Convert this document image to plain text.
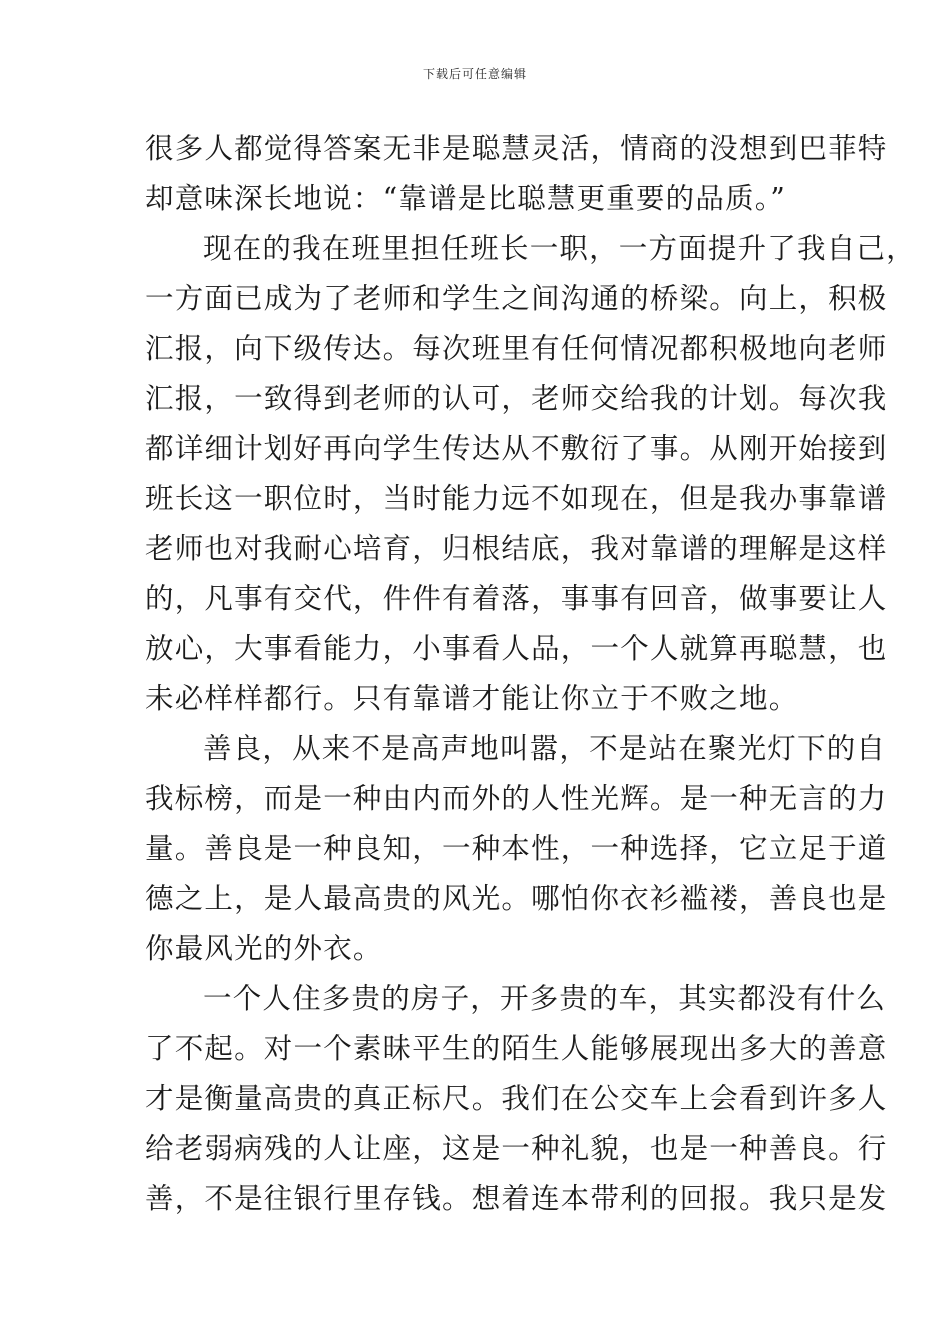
下载后可任意编辑
很多人都觉得答案无非是聪慧灵活，情商的没想到巴菲特
却意味深长地说：“靠谱是比聪慧更重要的品质。”
现在的我在班里担任班长一职，一方面提升了我自己，
一方面已成为了老师和学生之间沟通的桥梁。向上，积极
汇报，向下级传达。每次班里有任何情况都积极地向老师
汇报，一致得到老师的认可，老师交给我的计划。每次我
都详细计划好再向学生传达从不敷衍了事。从刚开始接到
班长这一职位时，当时能力远不如现在，但是我办事靠谱
老师也对我耐心培育，归根结底，我对靠谱的理解是这样
的，凡事有交代，件件有着落，事事有回音，做事要让人
放心，大事看能力，小事看人品，一个人就算再聪慧，也
未必样样都行。只有靠谱才能让你立于不败之地。
善良，从来不是高声地叫嚣，不是站在聚光灯下的自
我标榜，而是一种由内而外的人性光辉。是一种无言的力
量。善良是一种良知，一种本性，一种选择，它立足于道
德之上，是人最高贵的风光。哪怕你衣衫褴褛，善良也是
你最风光的外衣。
一个人住多贵的房子，开多贵的车，其实都没有什么
了不起。对一个素昧平生的陌生人能够展现出多大的善意
才是衡量高贵的真正标尺。我们在公交车上会看到许多人
给老弱病残的人让座，这是一种礼貌，也是一种善良。行
善，不是往银行里存钱。想着连本带利的回报。我只是发
